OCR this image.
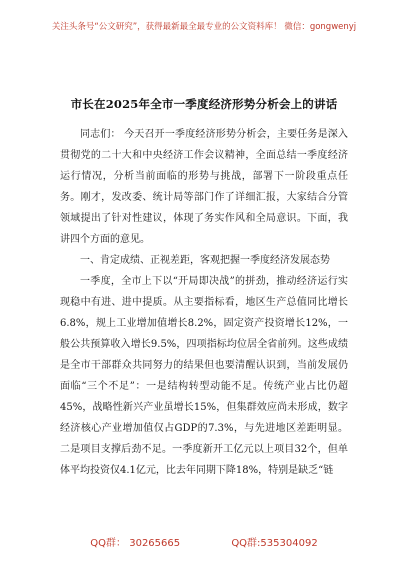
关注头条号“公文研究”，获得最新最全最专业的公文资料库！ 微信：gongwenyj
市长在2025年全市一季度经济形势分析会上的讲话

同志们： 今天召开一季度经济形势分析会，主要任务是深入贯彻党的二十大和中央经济工作会议精神，全面总结一季度经济运行情况，分析当前面临的形势与挑战，部署下一阶段重点任务。刚才，发改委、统计局等部门作了详细汇报，大家结合分管领域提出了针对性建议，体现了务实作风和全局意识。下面，我讲四个方面的意见。

一、肯定成绩、正视差距，客观把握一季度经济发展态势

一季度，全市上下以“开局即决战”的拼劲，推动经济运行实现稳中有进、进中提质。从主要指标看，地区生产总值同比增长6.8%，规上工业增加值增长8.2%，固定资产投资增长12%，一般公共预算收入增长9.5%，四项指标均位居全省前列。这些成绩是全市干部群众共同努力的结果但也要清醒认识到，当前发展仍面临“三个不足”：一是结构转型动能不足。传统产业占比仍超45%，战略性新兴产业虽增长15%，但集群效应尚未形成，数字经济核心产业增加值仅占GDP的7.3%，与先进地区差距明显。二是项目支撑后劲不足。一季度新开工亿元以上项目32个，但单体平均投资仅4.1亿元，比去年同期下降18%，特别是缺乏“链

QQ群： 30265665	QQ群:535304092
